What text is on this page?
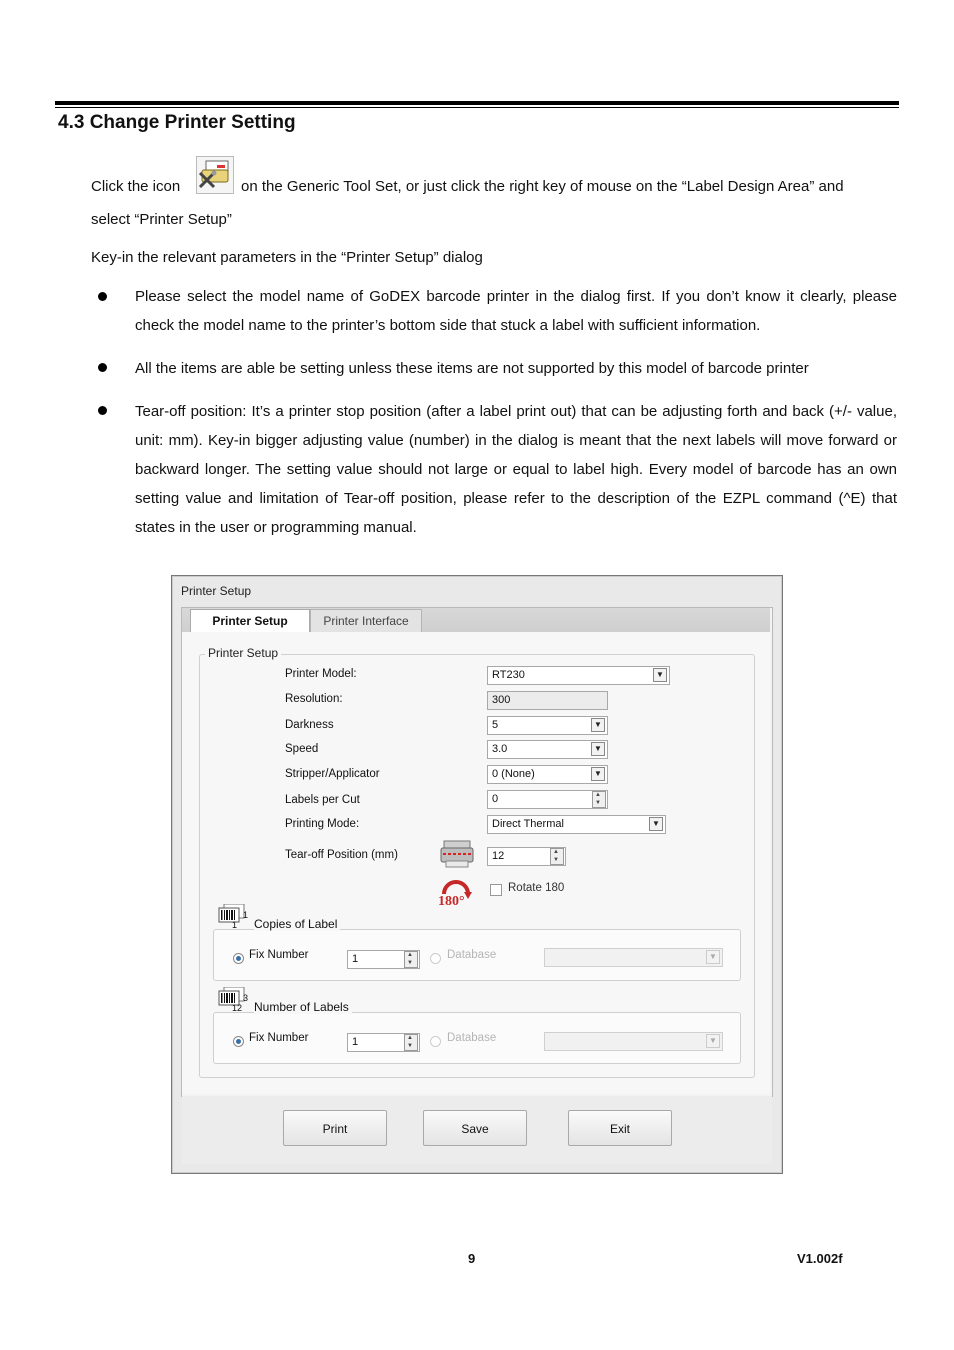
4.3 Change Printer Setting
Click the icon	on the Generic Tool Set, or just click the right key of mouse on the “Label Design Area” and
select “Printer Setup”
Key-in the relevant parameters in the “Printer Setup” dialog
Please select the model name of GoDEX barcode printer in the dialog first. If you don’t know it clearly, please check the model name to the printer’s bottom side that stuck a label with sufficient information.
All the items are able be setting unless these items are not supported by this model of barcode printer
Tear-off position: It’s a printer stop position (after a label print out) that can be adjusting forth and back (+/- value, unit: mm). Key-in bigger adjusting value (number) in the dialog is meant that the next labels will move forward or backward longer. The setting value should not large or equal to label high. Every model of barcode has an own setting value and limitation of Tear-off position, please refer to the description of the EZPL command (^E) that states in the user or programming manual.
Printer Setup
Printer Setup	Printer Interface
Printer Setup
Printer Model:	RT230	▼
Resolution:	300
Darkness	5	▼
Speed	3.0	▼
Stripper/Applicator	0 (None)	▼
Labels per Cut	0
▲ ▼
Printing Mode:	Direct Thermal	▼
Tear-off Position (mm)	12
▲ ▼
180°
Rotate 180
1
1
Copies of Label
Fix Number	1 ▲ ▼	Database	▼
12
3
Number of Labels
Fix Number	1 ▲ ▼	Database	▼
Print	Save	Exit
9	V1.002f
